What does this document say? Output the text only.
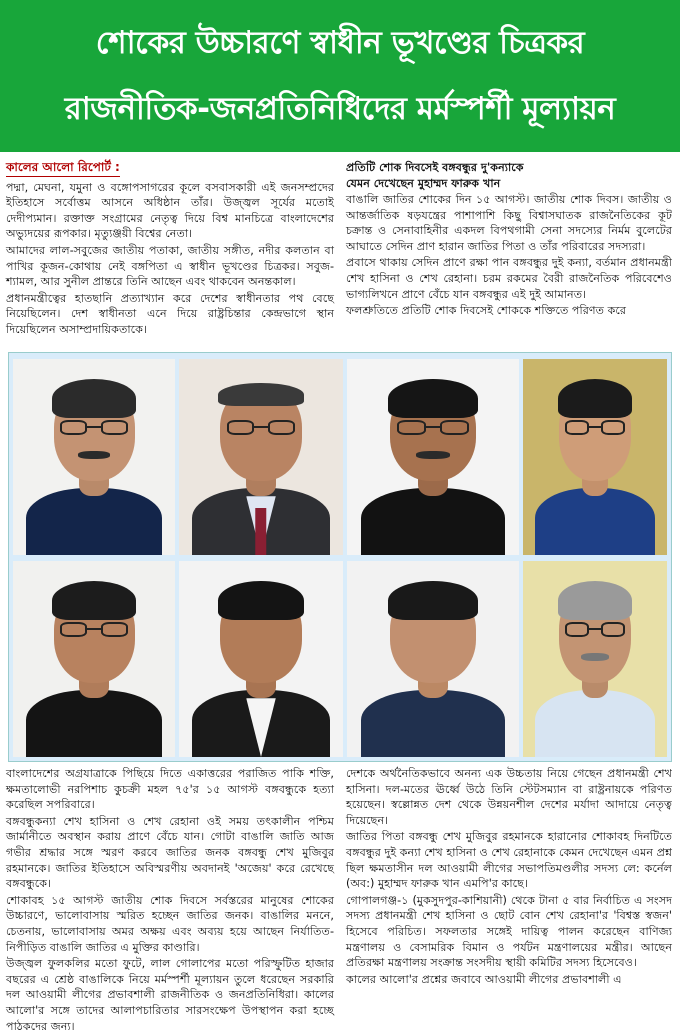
শোকের উচ্চারণে স্বাধীন ভূখণ্ডের চিত্রকর
রাজনীতিক-জনপ্রতিনিধিদের মর্মস্পর্শী মূল্যায়ন
কালের আলো রিপোর্ট :

পদ্মা, মেঘনা, যমুনা ও বঙ্গোপসাগরের কূলে বসবাসকারী এই জনসম্প্রদের ইতিহাসে সর্বোত্তম আসনে অধিষ্ঠান তাঁর। উজ্জ্বল সূর্যের মতোই দেদীপ্যমান। রক্তাক্ত সংগ্রামের নেতৃত্ব দিয়ে বিশ্ব মানচিত্রে বাংলাদেশের অভ্যুদয়ের রূপকার। মৃত্যুঞ্জয়ী বিশ্বের নেতা।

আমাদের লাল-সবুজের জাতীয় পতাকা, জাতীয় সঙ্গীত, নদীর কলতান বা পাখির কূজন-কোথায় নেই বঙ্গপিতা এ স্বাধীন ভূখণ্ডের চিত্রকর। সবুজ-শ্যামল, আর সুনীল প্রান্তরে তিনি আছেন এবং থাকবেন অনন্তকাল।

প্রধানমন্ত্রীত্বের হাতছানি প্রত্যাখ্যান করে দেশের স্বাধীনতার পথ বেছে নিয়েছিলেন। দেশ স্বাধীনতা এনে দিয়ে রাষ্ট্রচিন্তার কেন্দ্রভাগে স্থান দিয়েছিলেন অসাম্প্রদায়িকতাকে।

প্রতিটি শোক দিবসেই বঙ্গবন্ধুর দু'কন্যাকে
যেমন দেখেছেন মুহাম্মদ ফারুক খান

বাঙালি জাতির শোকের দিন ১৫ আগস্ট। জাতীয় শোক দিবস। জাতীয় ও আন্তর্জাতিক ষড়যন্ত্রের পাশাপাশি কিছু বিশ্বাসঘাতক রাজনৈতিকের কূট চক্রান্ত ও সেনাবাহিনীর একদল বিপথগামী সেনা সদস্যের নির্মম বুলেটের আঘাতে সেদিন প্রাণ হারান জাতির পিতা ও তাঁর পরিবারের সদস্যরা।

প্রবাসে থাকায় সেদিন প্রাণে রক্ষা পান বঙ্গবন্ধুর দুই কন্যা, বর্তমান প্রধানমন্ত্রী শেখ হাসিনা ও শেখ রেহানা। চরম রকমের বৈরী রাজনৈতিক পরিবেশেও ভাগ্যলিখনে প্রাণে বেঁচে যান বঙ্গবন্ধুর এই দুই আমানত।

ফলশ্রুতিতে প্রতিটি শোক দিবসেই শোককে শক্তিতে পরিণত করে

বাংলাদেশের অগ্রযাত্রাকে পিছিয়ে দিতে একাত্তরের পরাজিত পাকি শক্তি, ক্ষমতালোভী নরপিশাচ কুচক্রী মহল ৭৫'র ১৫ আগস্ট বঙ্গবন্ধুকে হত্যা করেছিল সপরিবারে।

বঙ্গবন্ধুকন্যা শেখ হাসিনা ও শেখ রেহানা ওই সময় তৎকালীন পশ্চিম জার্মানীতে অবস্থান করায় প্রাণে বেঁচে যান। গোটা বাঙালি জাতি আজ গভীর শ্রদ্ধার সঙ্গে স্মরণ করবে জাতির জনক বঙ্গবন্ধু শেখ মুজিবুর রহমানকে। জাতির ইতিহাসে অবিস্মরণীয় অবদানই 'অজেয়' করে রেখেছে বঙ্গবন্ধুকে।

শোকাবহ ১৫ আগস্ট জাতীয় শোক দিবসে সর্বস্তরের মানুষের শোকের উচ্চারণে, ভালোবাসায় স্মরিত হচ্ছেন জাতির জনক। বাঙালির মননে, চেতনায়, ভালোবাসায় অমর অক্ষয় এবং অব্যয় হয়ে আছেন নির্যাতিত-নিপীড়িত বাঙালি জাতির এ মুক্তির কাণ্ডারি।

উজ্জ্বল ফুলকলির মতো ফুটে, লাল গোলাপের মতো পরিস্ফুটিত হাজার বছরের এ শ্রেষ্ঠ বাঙালিকে নিয়ে মর্মস্পর্শী মূল্যায়ন তুলে ধরেছেন সরকারি দল আওয়ামী লীগের প্রভাবশালী রাজনীতিক ও জনপ্রতিনিধিরা। কালের আলো'র সঙ্গে তাদের আলাপচারিতার সারসংক্ষেপ উপস্থাপন করা হচ্ছে পাঠকদের জন্য।

দেশকে অর্থনৈতিকভাবে অনন্য এক উচ্চতায় নিয়ে গেছেন প্রধানমন্ত্রী শেখ হাসিনা। দল-মতের ঊর্ধ্বে উঠে তিনি স্টেটসম্যান বা রাষ্ট্রনায়কে পরিণত হয়েছেন। স্বল্লোন্নত দেশ থেকে উন্নয়নশীল দেশের মর্যাদা আদায়ে নেতৃত্ব দিয়েছেন।

জাতির পিতা বঙ্গবন্ধু শেখ মুজিবুর রহমানকে হারানোর শোকাবহ দিনটিতে বঙ্গবন্ধুর দুই কন্যা শেখ হাসিনা ও শেখ রেহানাকে কেমন দেখেছেন এমন প্রশ্ন ছিল ক্ষমতাসীন দল আওয়ামী লীগের সভাপতিমণ্ডলীর সদস্য লে: কর্নেল (অব:) মুহাম্মদ ফারুক খান এমপি'র কাছে।

গোপালগঞ্জ-১ (মুকসুদপুর-কাশিয়ানী) থেকে টানা ৫ বার নির্বাচিত এ সংসদ সদস্য প্রধানমন্ত্রী শেখ হাসিনা ও ছোট বোন শেখ রেহানা'র 'বিশ্বস্ত স্বজন' হিসেবে পরিচিত। সফলতার সঙ্গেই দায়িত্ব পালন করেছেন বাণিজ্য মন্ত্রণালয় ও বেসামরিক বিমান ও পর্যটন মন্ত্রণালয়ের মন্ত্রীর। আছেন প্রতিরক্ষা মন্ত্রণালয় সংক্রান্ত সংসদীয় স্থায়ী কমিটির সদস্য হিসেবেও।

কালের আলো'র প্রশ্নের জবাবে আওয়ামী লীগের প্রভাবশালী এ
